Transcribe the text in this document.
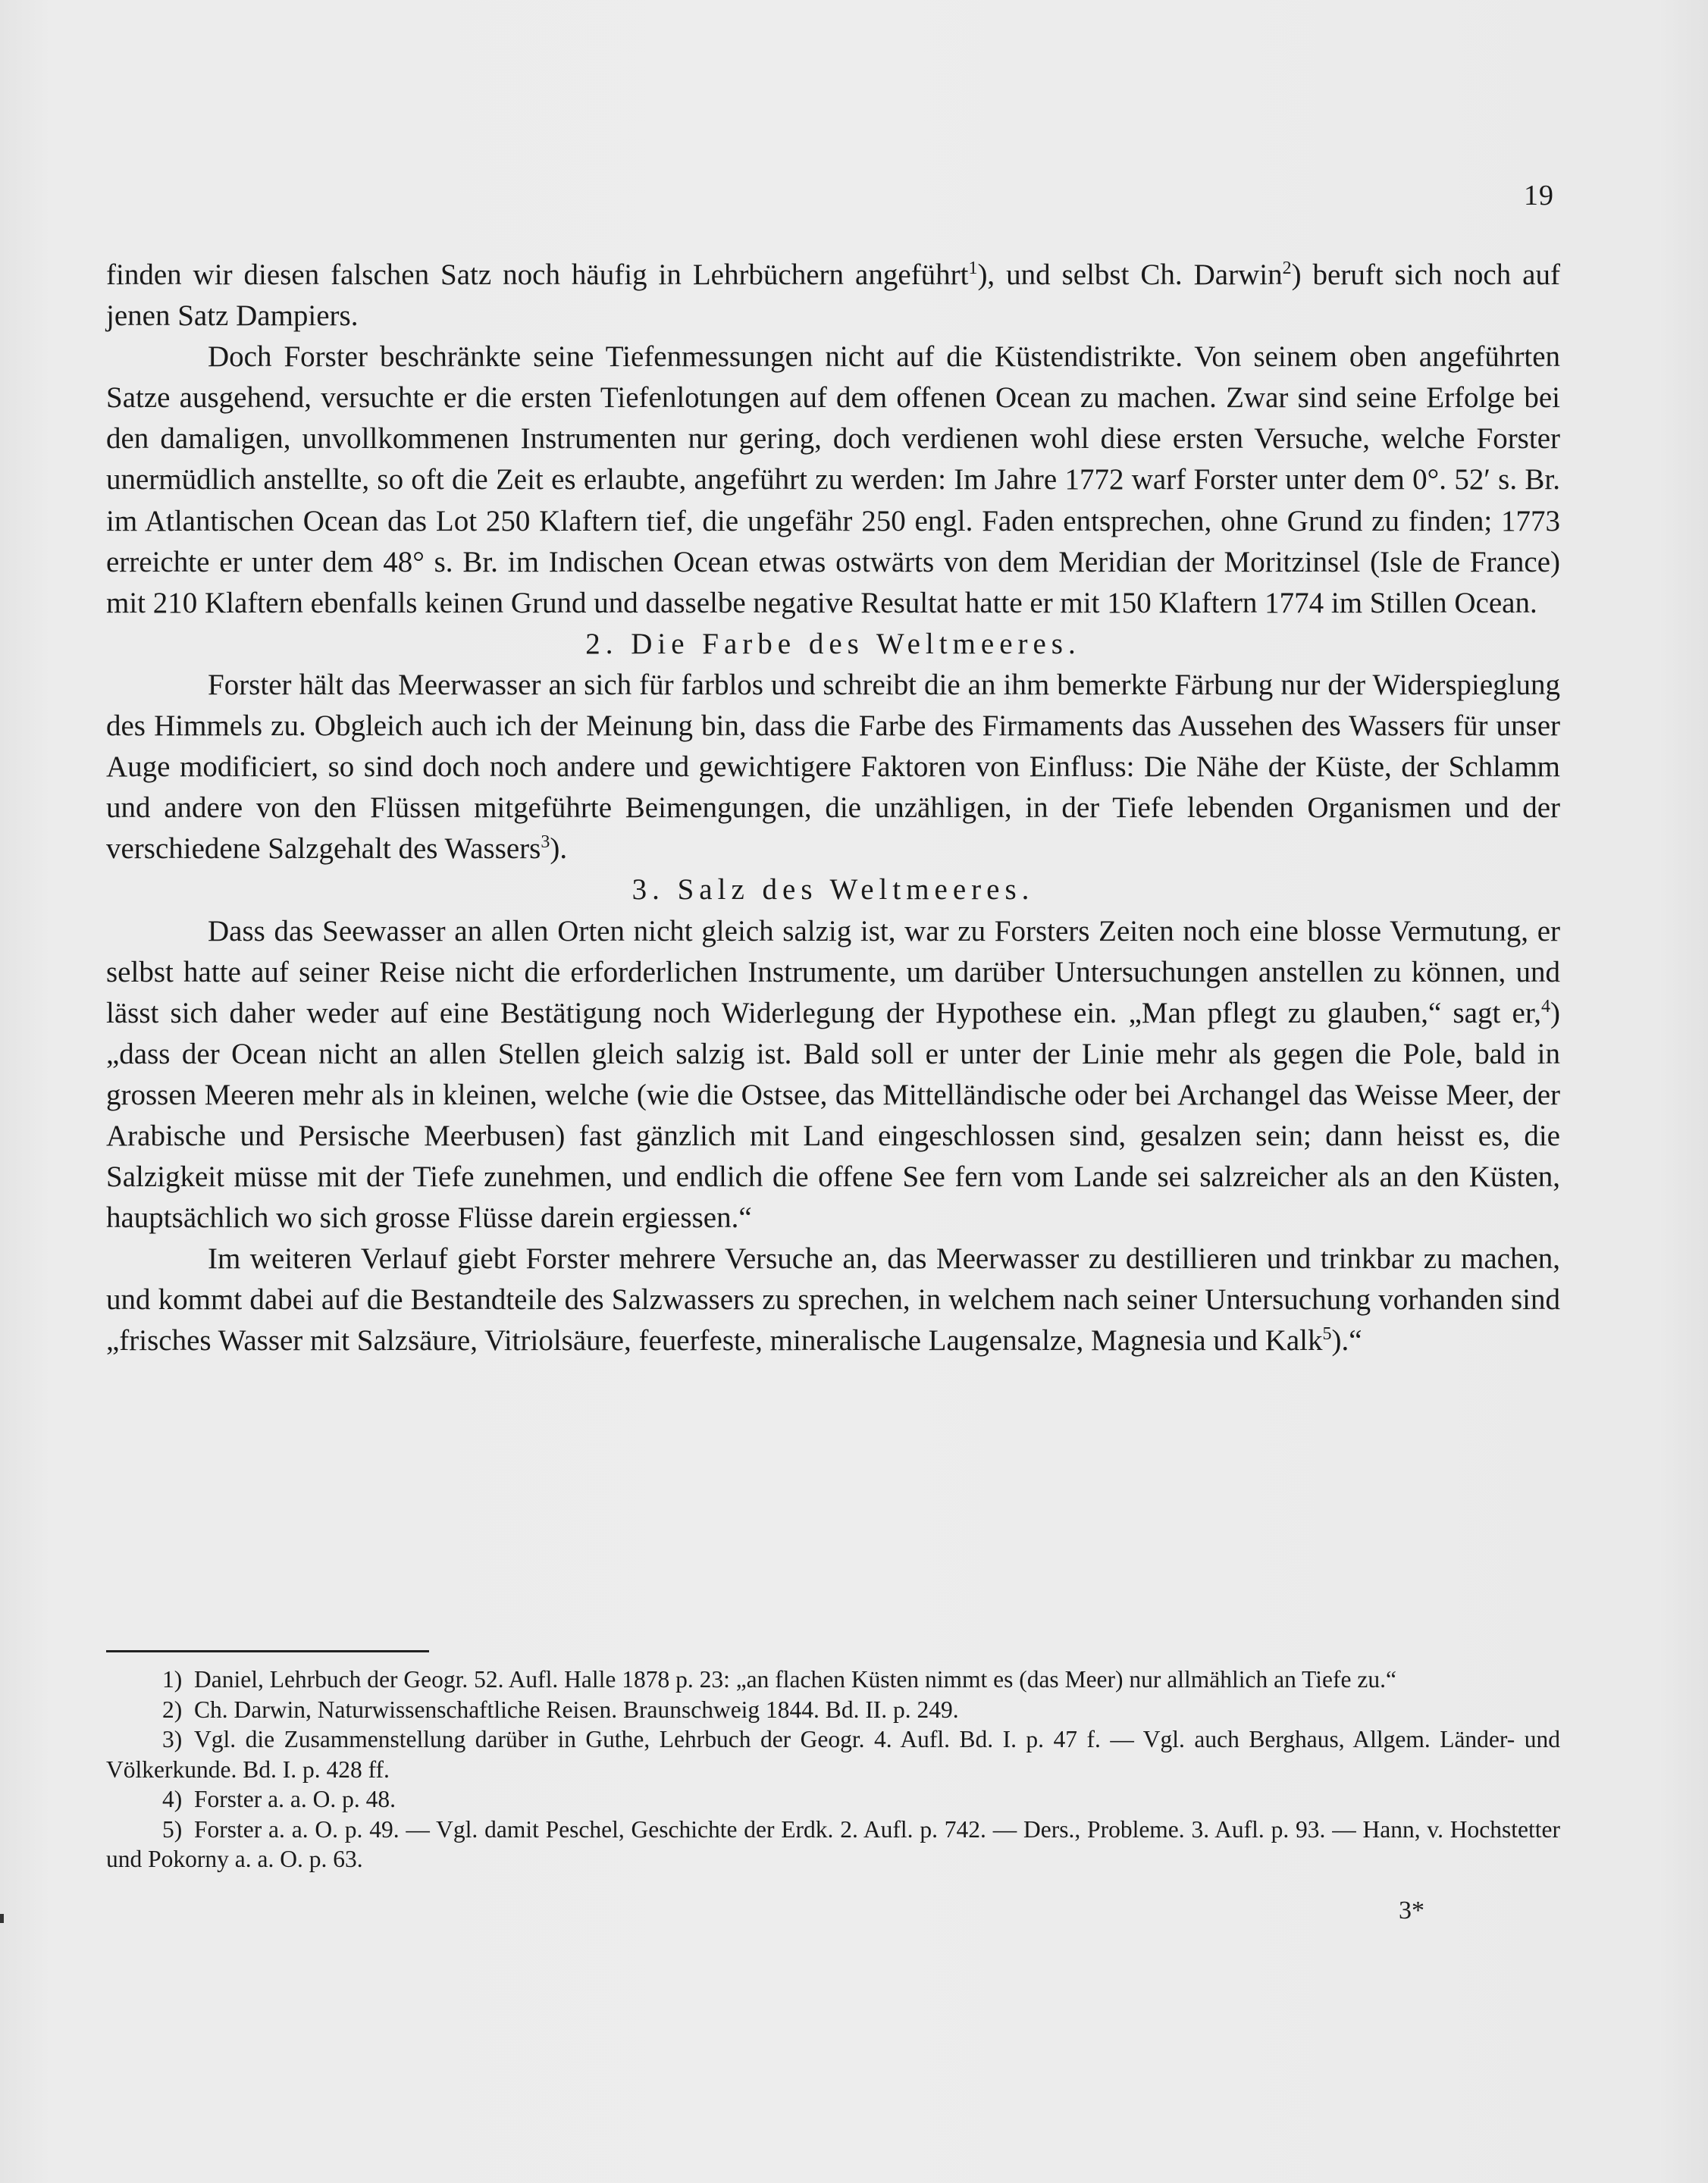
19

finden wir diesen falschen Satz noch häufig in Lehrbüchern angeführt$^1$), und selbst Ch. Darwin$^2$) beruft sich noch auf jenen Satz Dampiers.

Doch Forster beschränkte seine Tiefenmessungen nicht auf die Küstendistrikte. Von seinem oben angeführten Satze ausgehend, versuchte er die ersten Tiefenlotungen auf dem offenen Ocean zu machen. Zwar sind seine Erfolge bei den damaligen, unvollkommenen Instrumenten nur gering, doch verdienen wohl diese ersten Versuche, welche Forster unermüdlich anstellte, so oft die Zeit es erlaubte, angeführt zu werden: Im Jahre 1772 warf Forster unter dem 0°. 52′ s. Br. im Atlantischen Ocean das Lot 250 Klaftern tief, die ungefähr 250 engl. Faden entsprechen, ohne Grund zu finden; 1773 erreichte er unter dem 48° s. Br. im Indischen Ocean etwas ostwärts von dem Meridian der Moritzinsel (Isle de France) mit 210 Klaftern ebenfalls keinen Grund und dasselbe negative Resultat hatte er mit 150 Klaftern 1774 im Stillen Ocean.

2. Die Farbe des Weltmeeres.

Forster hält das Meerwasser an sich für farblos und schreibt die an ihm bemerkte Färbung nur der Widerspieglung des Himmels zu. Obgleich auch ich der Meinung bin, dass die Farbe des Firmaments das Aussehen des Wassers für unser Auge modificiert, so sind doch noch andere und gewichtigere Faktoren von Einfluss: Die Nähe der Küste, der Schlamm und andere von den Flüssen mitgeführte Beimengungen, die unzähligen, in der Tiefe lebenden Organismen und der verschiedene Salzgehalt des Wassers$^3$).

3. Salz des Weltmeeres.

Dass das Seewasser an allen Orten nicht gleich salzig ist, war zu Forsters Zeiten noch eine blosse Vermutung, er selbst hatte auf seiner Reise nicht die erforderlichen Instrumente, um darüber Untersuchungen anstellen zu können, und lässt sich daher weder auf eine Bestätigung noch Widerlegung der Hypothese ein. „Man pflegt zu glauben,“ sagt er,$^4$) „dass der Ocean nicht an allen Stellen gleich salzig ist. Bald soll er unter der Linie mehr als gegen die Pole, bald in grossen Meeren mehr als in kleinen, welche (wie die Ostsee, das Mittelländische oder bei Archangel das Weisse Meer, der Arabische und Persische Meerbusen) fast gänzlich mit Land eingeschlossen sind, gesalzen sein; dann heisst es, die Salzigkeit müsse mit der Tiefe zunehmen, und endlich die offene See fern vom Lande sei salzreicher als an den Küsten, hauptsächlich wo sich grosse Flüsse darein ergiessen.“

Im weiteren Verlauf giebt Forster mehrere Versuche an, das Meerwasser zu destillieren und trinkbar zu machen, und kommt dabei auf die Bestandteile des Salzwassers zu sprechen, in welchem nach seiner Untersuchung vorhanden sind „frisches Wasser mit Salzsäure, Vitriolsäure, feuerfeste, mineralische Laugensalze, Magnesia und Kalk$^5$).“

1) Daniel, Lehrbuch der Geogr. 52. Aufl. Halle 1878 p. 23: „an flachen Küsten nimmt es (das Meer) nur allmählich an Tiefe zu.“

2) Ch. Darwin, Naturwissenschaftliche Reisen. Braunschweig 1844. Bd. II. p. 249.

3) Vgl. die Zusammenstellung darüber in Guthe, Lehrbuch der Geogr. 4. Aufl. Bd. I. p. 47 f. — Vgl. auch Berghaus, Allgem. Länder- und Völkerkunde. Bd. I. p. 428 ff.

4) Forster a. a. O. p. 48.

5) Forster a. a. O. p. 49. — Vgl. damit Peschel, Geschichte der Erdk. 2. Aufl. p. 742. — Ders., Probleme. 3. Aufl. p. 93. — Hann, v. Hochstetter und Pokorny a. a. O. p. 63.

3*
